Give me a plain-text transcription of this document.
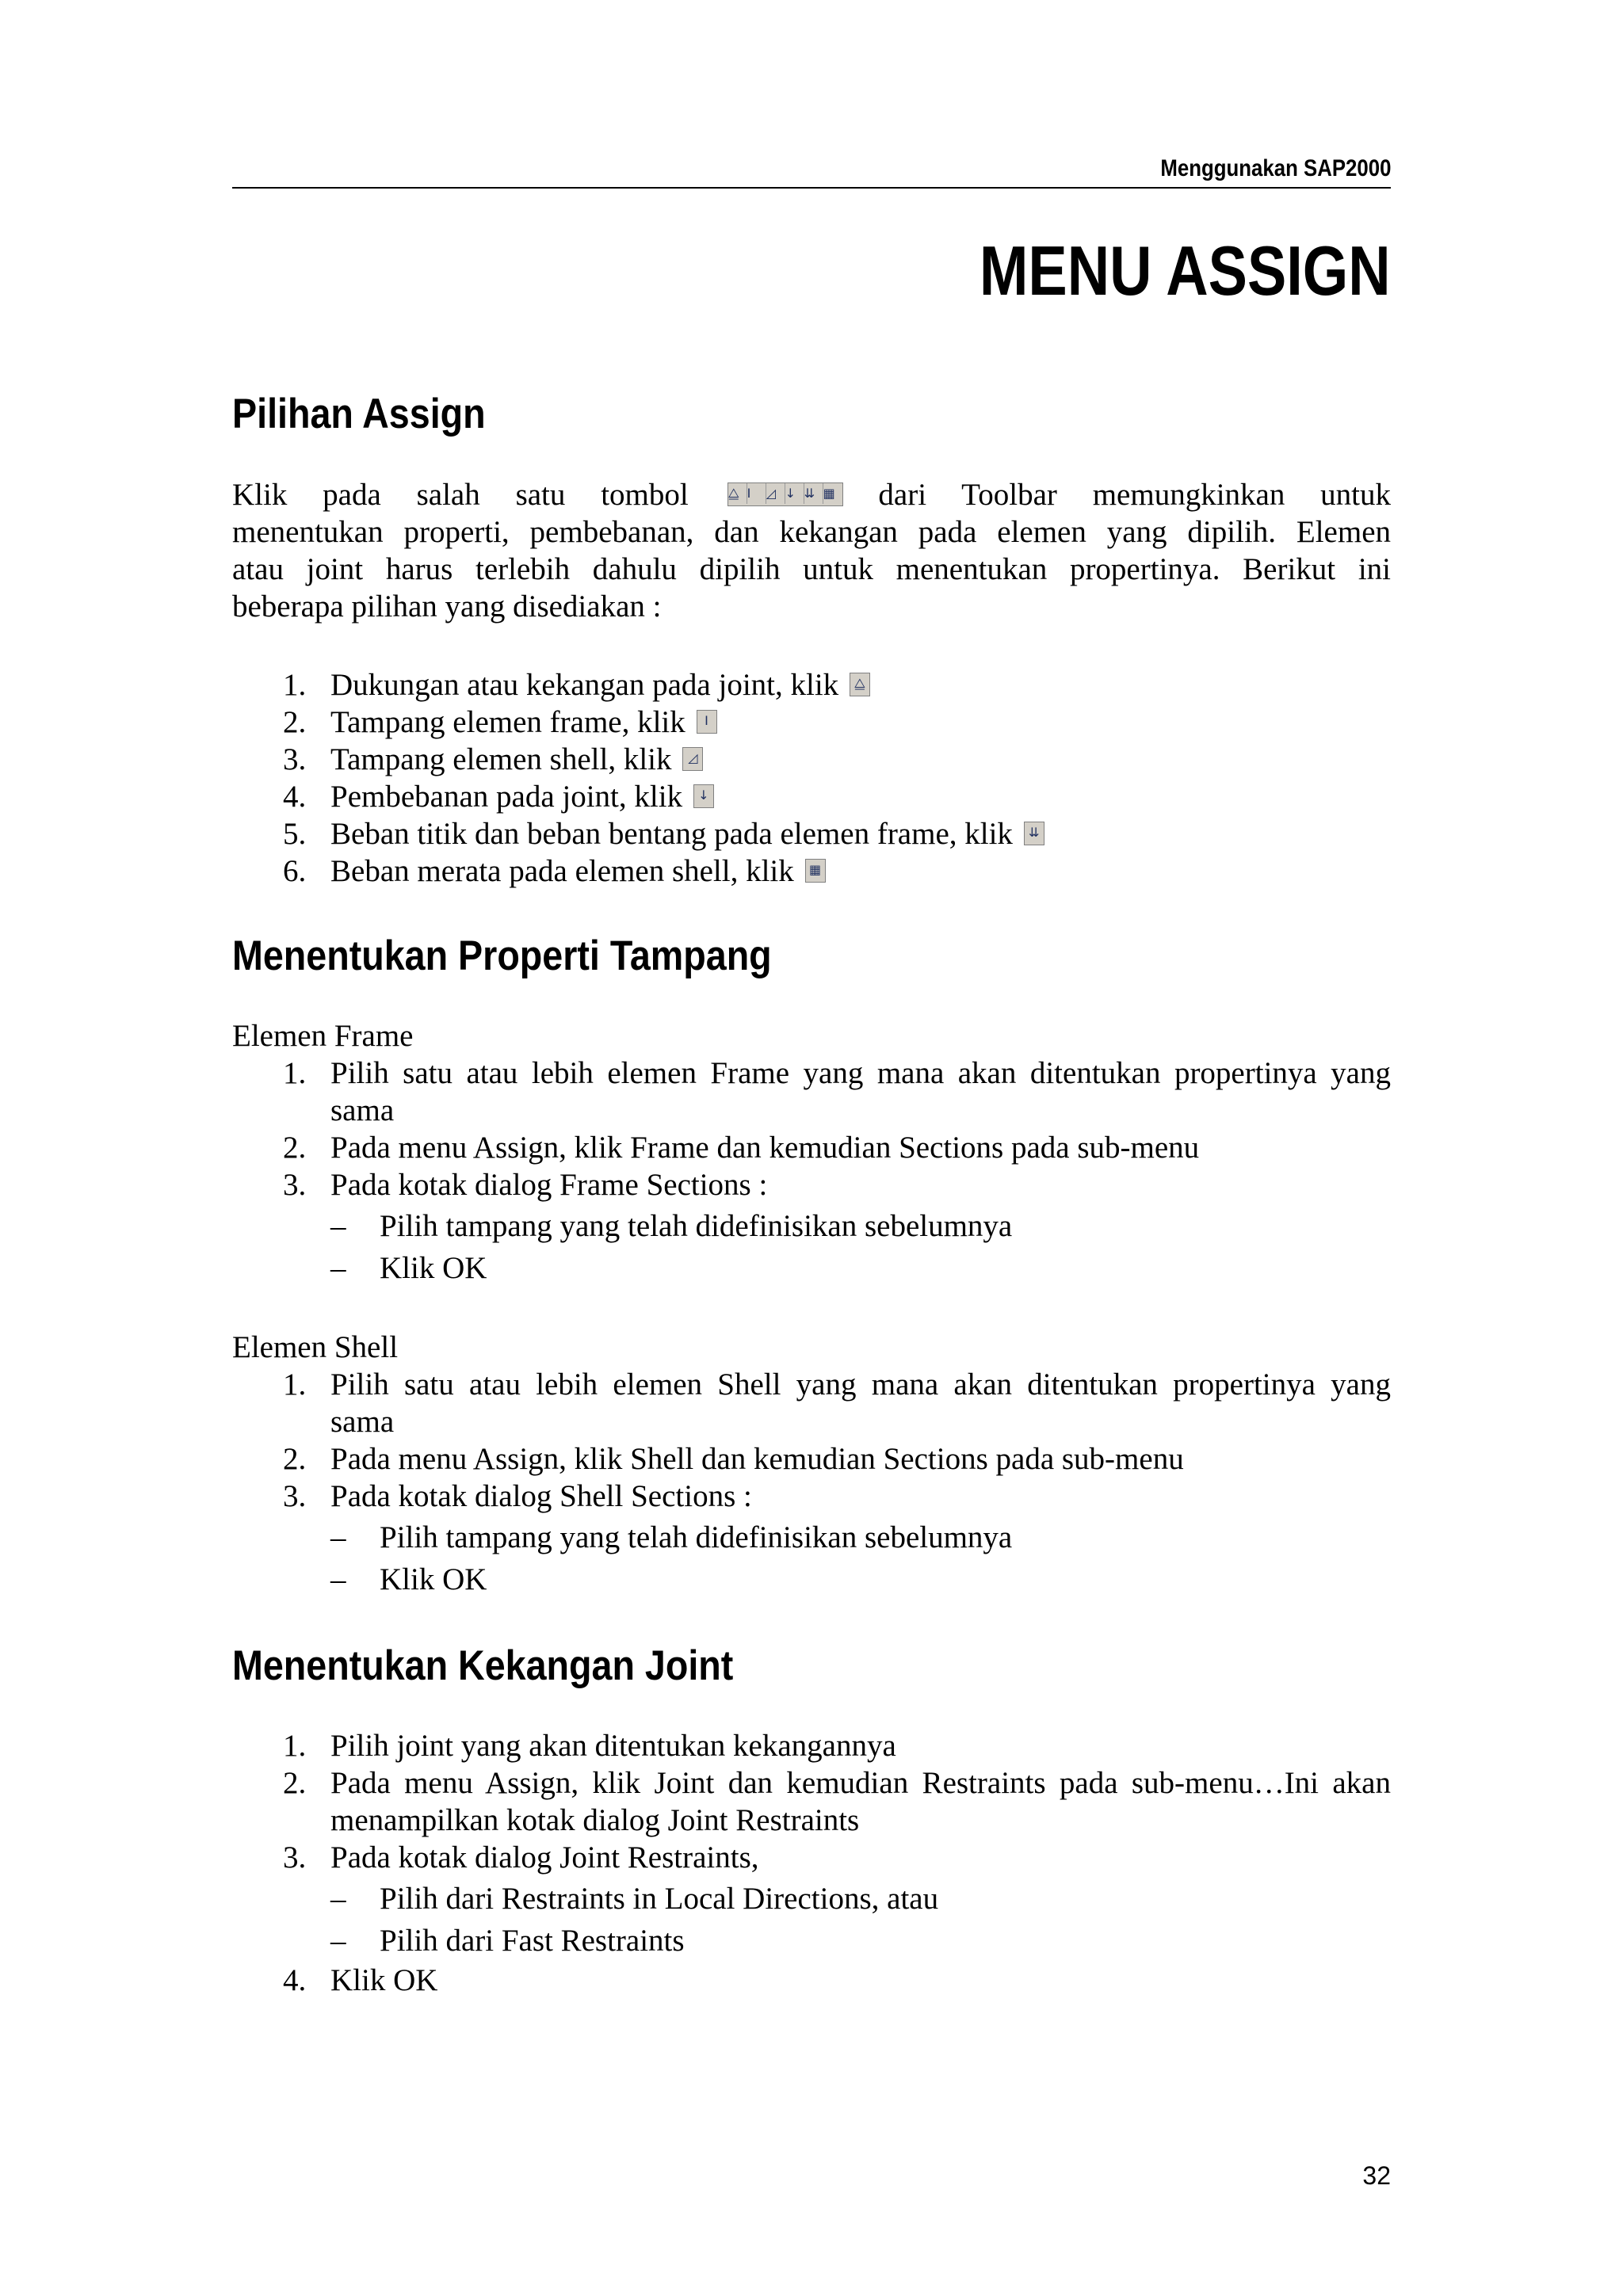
Menggunakan SAP2000
MENU ASSIGN
Pilihan Assign
Klik pada salah satu tombol	⧋ I ◿ ↓ ⇊ ▦ dari Toolbar memungkinkan untuk
menentukan properti, pembebanan, dan kekangan pada elemen yang dipilih. Elemen
atau joint harus terlebih dahulu dipilih untuk menentukan propertinya. Berikut ini
beberapa pilihan yang disediakan :
1. Dukungan atau kekangan pada joint, klik ⧋
2. Tampang elemen frame, klik I
3. Tampang elemen shell, klik ◿
4. Pembebanan pada joint, klik ↓
5. Beban titik dan beban bentang pada elemen frame, klik ⇊
6. Beban merata pada elemen shell, klik ▦
Menentukan Properti Tampang
Elemen Frame
1. Pilih satu atau lebih elemen Frame yang mana akan ditentukan propertinya yang
sama
2. Pada menu Assign, klik Frame dan kemudian Sections pada sub-menu
3. Pada kotak dialog Frame Sections :
– Pilih tampang yang telah didefinisikan sebelumnya
– Klik OK
Elemen Shell
1. Pilih satu atau lebih elemen Shell yang mana akan ditentukan propertinya yang
sama
2. Pada menu Assign, klik Shell dan kemudian Sections pada sub-menu
3. Pada kotak dialog Shell Sections :
– Pilih tampang yang telah didefinisikan sebelumnya
– Klik OK
Menentukan Kekangan Joint
1. Pilih joint yang akan ditentukan kekangannya
2. Pada menu Assign, klik Joint dan kemudian Restraints pada sub-menu…Ini akan
menampilkan kotak dialog Joint Restraints
3. Pada kotak dialog Joint Restraints,
– Pilih dari Restraints in Local Directions, atau
– Pilih dari Fast Restraints
4. Klik OK
32
